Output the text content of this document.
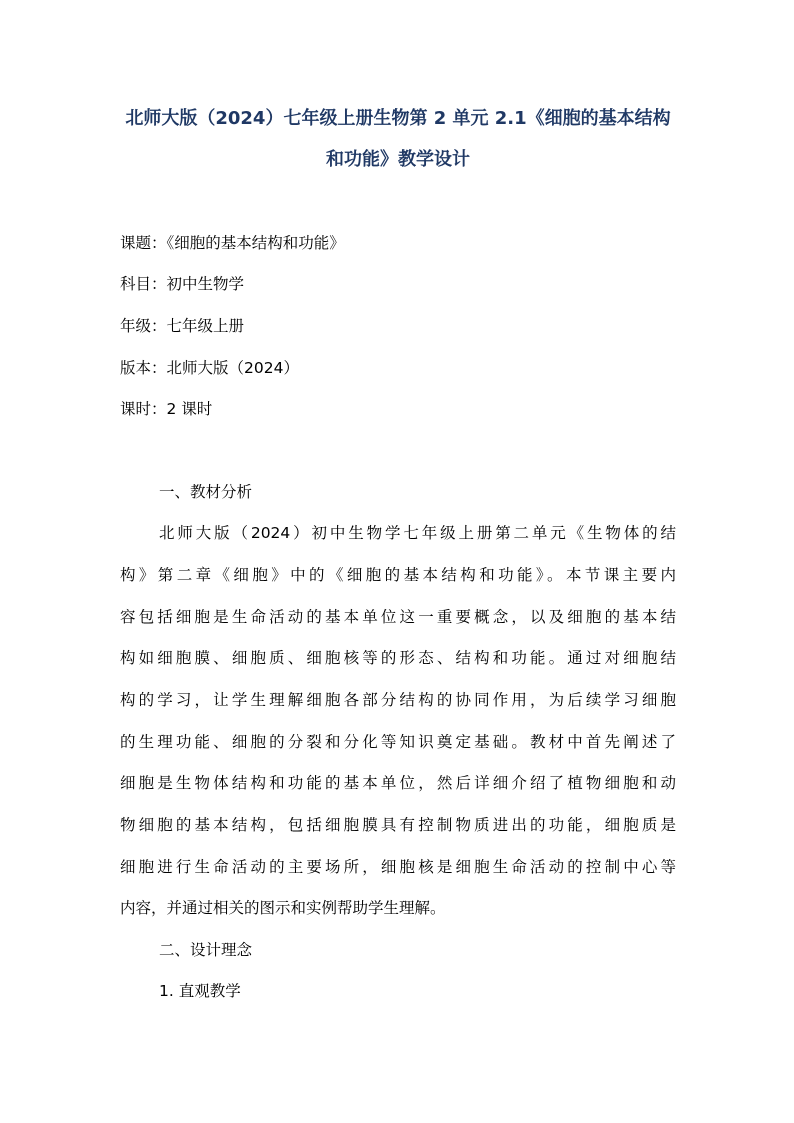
北师大版（2024）七年级上册生物第 2 单元 2.1《细胞的基本结构
和功能》教学设计
课题：《细胞的基本结构和功能》
科目：初中生物学
年级：七年级上册
版本：北师大版（2024）
课时：2 课时
一、教材分析
北师大版（2024）初中生物学七年级上册第二单元《生物体的结
构》第二章《细胞》中的《细胞的基本结构和功能》。本节课主要内
容包括细胞是生命活动的基本单位这一重要概念，以及细胞的基本结
构如细胞膜、细胞质、细胞核等的形态、结构和功能。通过对细胞结
构的学习，让学生理解细胞各部分结构的协同作用，为后续学习细胞
的生理功能、细胞的分裂和分化等知识奠定基础。教材中首先阐述了
细胞是生物体结构和功能的基本单位，然后详细介绍了植物细胞和动
物细胞的基本结构，包括细胞膜具有控制物质进出的功能，细胞质是
细胞进行生命活动的主要场所，细胞核是细胞生命活动的控制中心等
内容，并通过相关的图示和实例帮助学生理解。
二、设计理念
1. 直观教学
